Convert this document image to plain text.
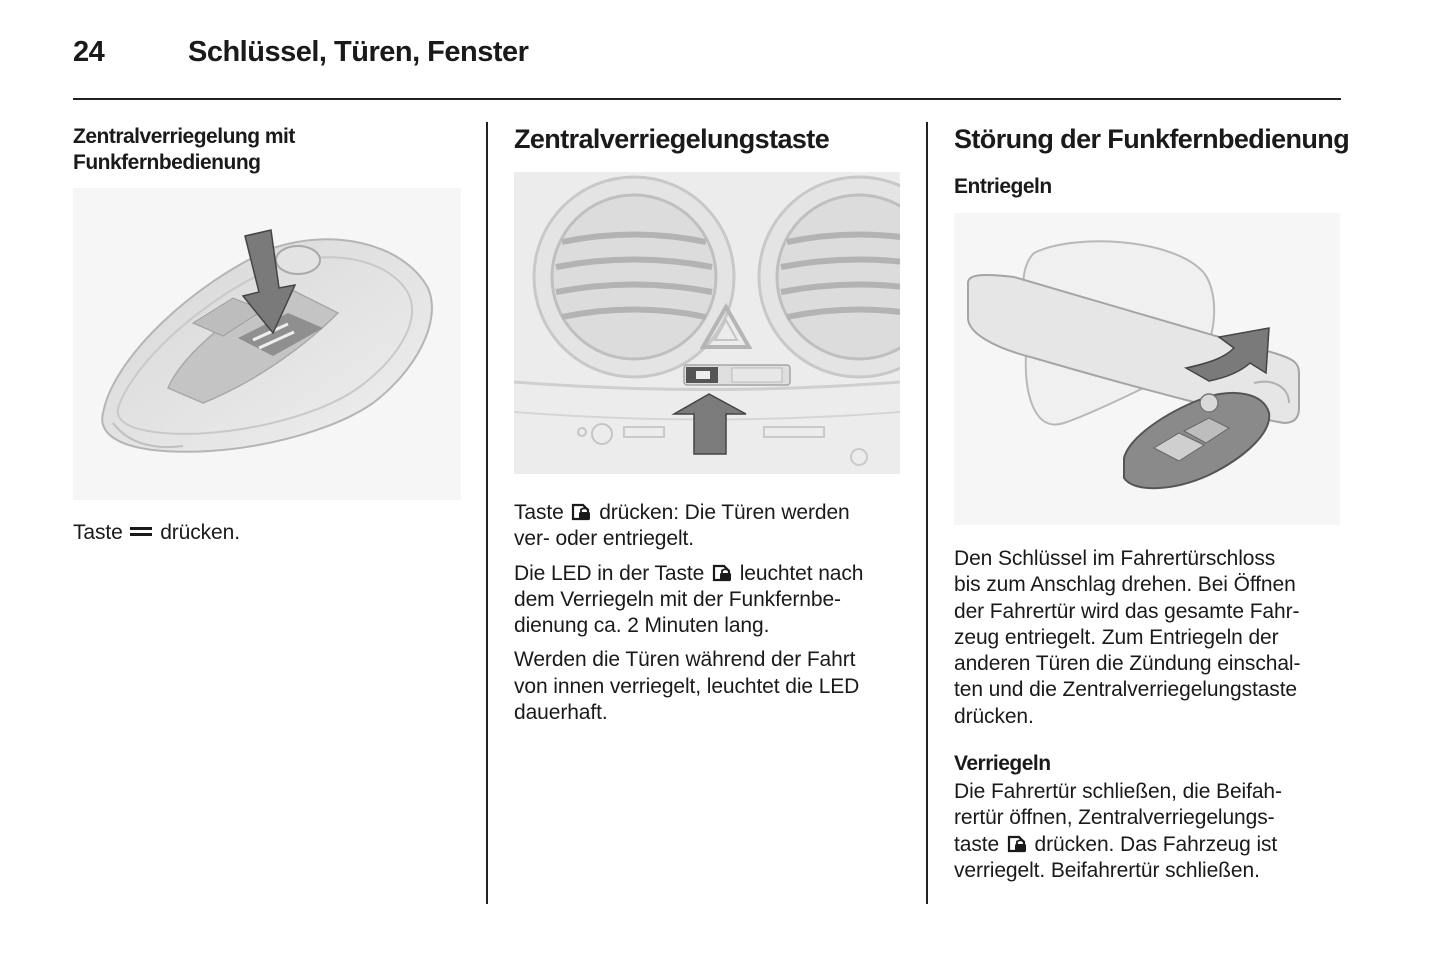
24	Schlüssel, Türen, Fenster
Zentralverriegelung mit
Funkfernbedienung
Taste drücken.
Zentralverriegelungstaste

Taste drücken: Die Türen werden
ver- oder entriegelt.

Die LED in der Taste leuchtet nach
dem Verriegeln mit der Funkfernbe-
dienung ca. 2 Minuten lang.

Werden die Türen während der Fahrt
von innen verriegelt, leuchtet die LED
dauerhaft.

Störung der Funkfernbedienung
Entriegeln
Den Schlüssel im Fahrertürschloss
bis zum Anschlag drehen. Bei Öffnen
der Fahrertür wird das gesamte Fahr-
zeug entriegelt. Zum Entriegeln der
anderen Türen die Zündung einschal-
ten und die Zentralverriegelungstaste
drücken.
Verriegeln
Die Fahrertür schließen, die Beifah-
rertür öffnen, Zentralverriegelungs-
taste drücken. Das Fahrzeug ist
verriegelt. Beifahrertür schließen.
